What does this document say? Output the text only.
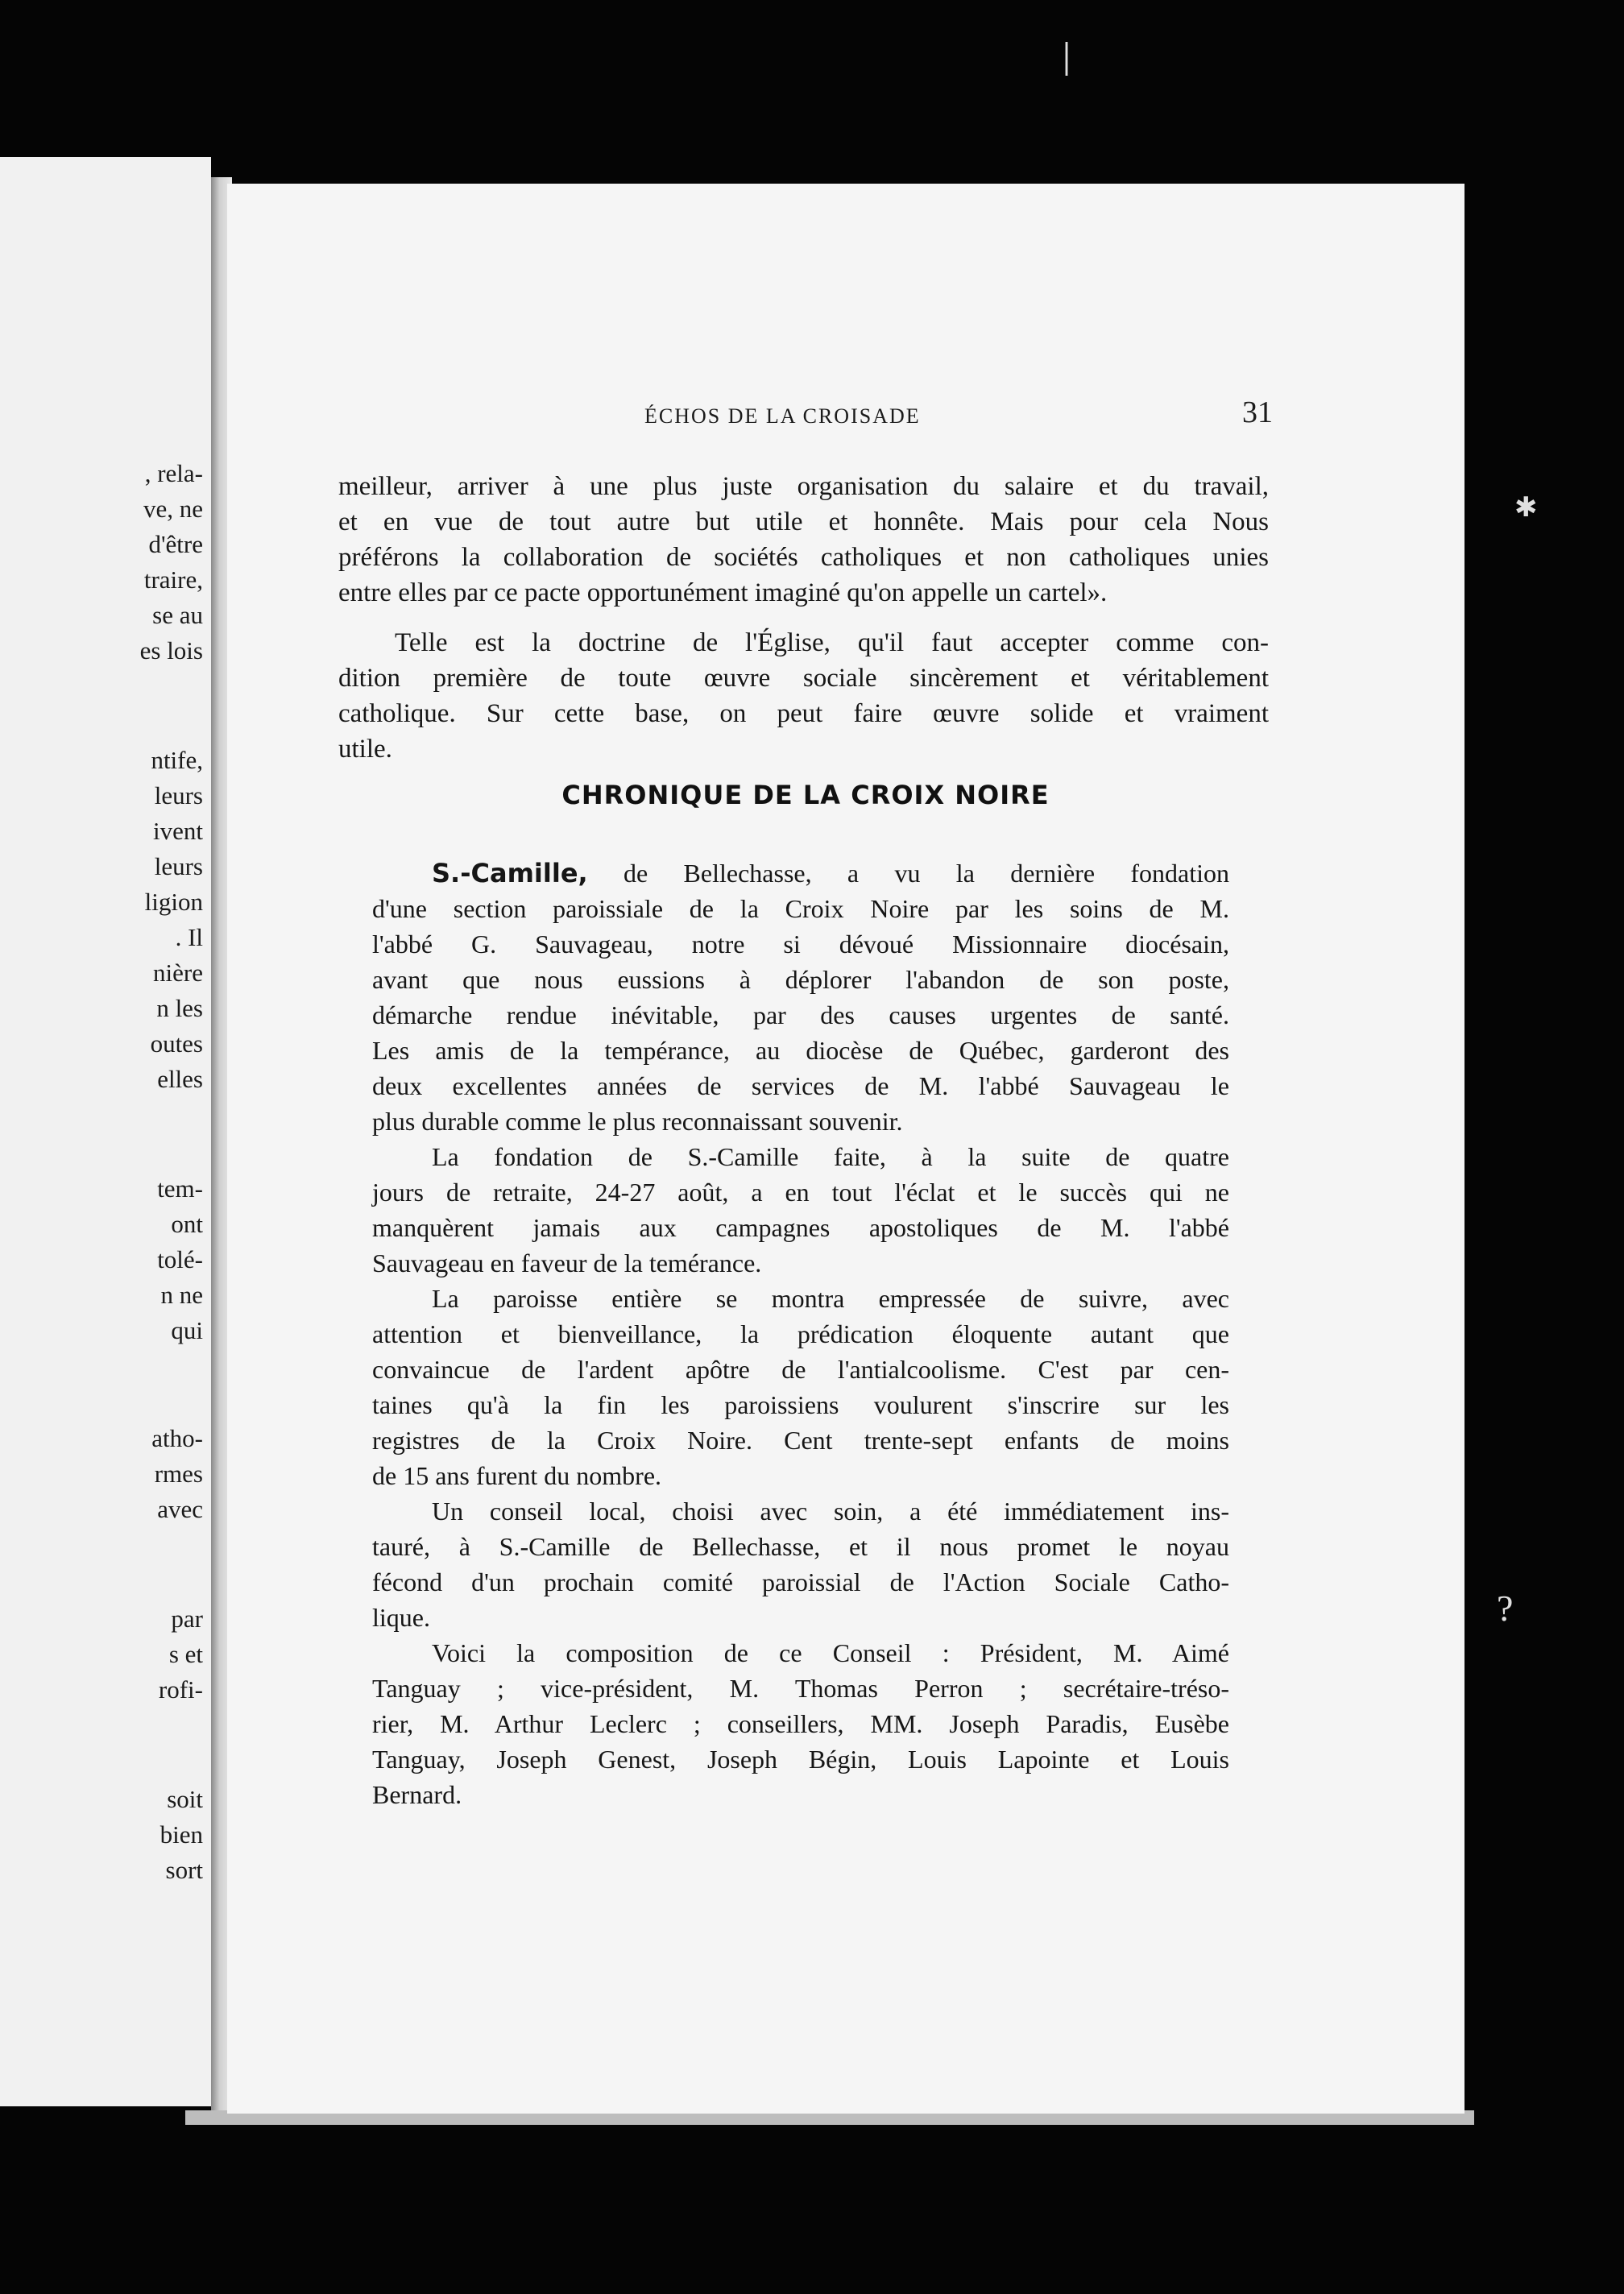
, rela-
ve, ne
d'être
traire,
se au
es lois
ntife,
leurs
ivent
leurs
ligion
. Il
nière
n les
outes
elles
tem-
ont
tolé-
n ne
qui
atho-
rmes
avec
par
s et
rofi-
soit
bien
sort
ÉCHOS DE LA CROISADE	31
meilleur, arriver à une plus juste organisation du salaire et du travail,
et en vue de tout autre but utile et honnête. Mais pour cela Nous
préférons la collaboration de sociétés catholiques et non catholiques unies
entre elles par ce pacte opportunément imaginé qu'on appelle un cartel».
Telle est la doctrine de l'Église, qu'il faut accepter comme con-
dition première de toute œuvre sociale sincèrement et véritablement
catholique. Sur cette base, on peut faire œuvre solide et vraiment
utile.
CHRONIQUE DE LA CROIX NOIRE
S.-Camille, de Bellechasse, a vu la dernière fondation
d'une section paroissiale de la Croix Noire par les soins de M.
l'abbé G. Sauvageau, notre si dévoué Missionnaire diocésain,
avant que nous eussions à déplorer l'abandon de son poste,
démarche rendue inévitable, par des causes urgentes de santé.
Les amis de la tempérance, au diocèse de Québec, garderont des
deux excellentes années de services de M. l'abbé Sauvageau le
plus durable comme le plus reconnaissant souvenir.
La fondation de S.-Camille faite, à la suite de quatre
jours de retraite, 24-27 août, a en tout l'éclat et le succès qui ne
manquèrent jamais aux campagnes apostoliques de M. l'abbé
Sauvageau en faveur de la temérance.
La paroisse entière se montra empressée de suivre, avec
attention et bienveillance, la prédication éloquente autant que
convaincue de l'ardent apôtre de l'antialcoolisme. C'est par cen-
taines qu'à la fin les paroissiens voulurent s'inscrire sur les
registres de la Croix Noire. Cent trente-sept enfants de moins
de 15 ans furent du nombre.
Un conseil local, choisi avec soin, a été immédiatement ins-
tauré, à S.-Camille de Bellechasse, et il nous promet le noyau
fécond d'un prochain comité paroissial de l'Action Sociale Catho-
lique.
Voici la composition de ce Conseil : Président, M. Aimé
Tanguay ; vice-président, M. Thomas Perron ; secrétaire-tréso-
rier, M. Arthur Leclerc ; conseillers, MM. Joseph Paradis, Eusèbe
Tanguay, Joseph Genest, Joseph Bégin, Louis Lapointe et Louis
Bernard.
ǀ
✱
?
